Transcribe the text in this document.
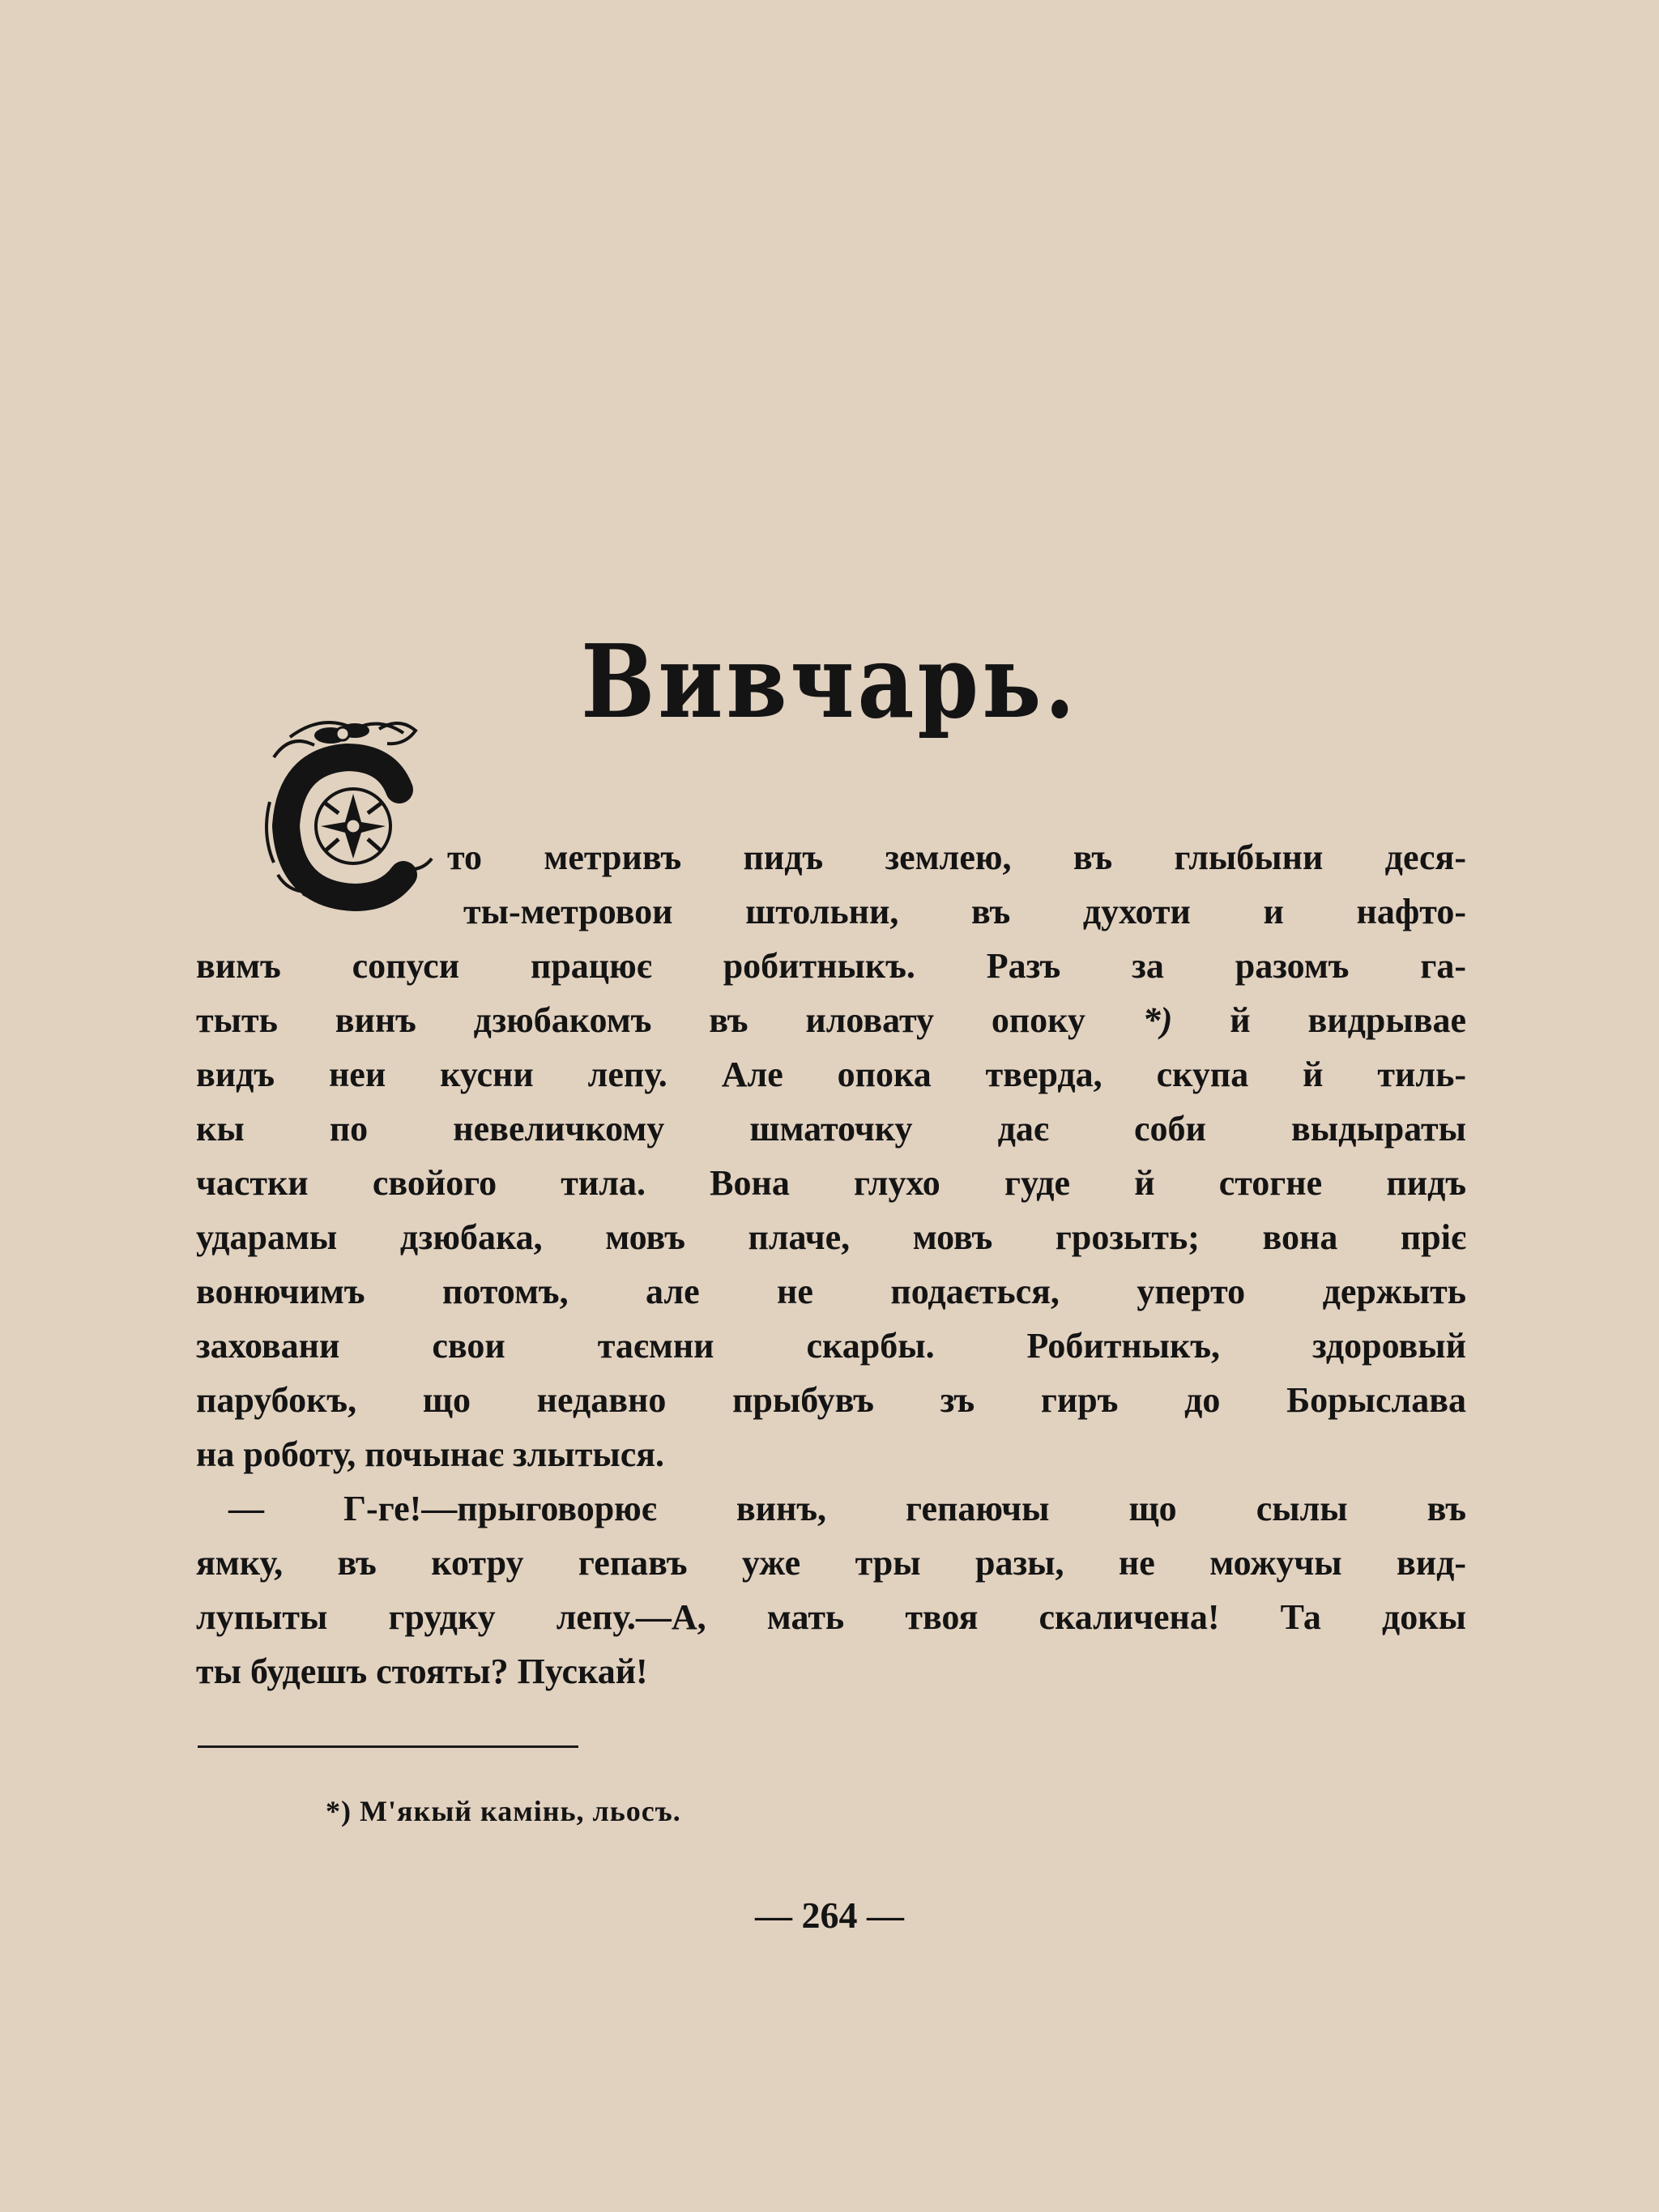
Вивчарь.
то метривъ пидъ землею, въ глыбыни деся-
ты-метровои штольни, въ духоти и нафто-
вимъ сопуси працює робитныкъ. Разъ за разомъ га-
тыть винъ дзюбакомъ въ иловату опоку *) й видрывае
видъ неи кусни лепу. Але опока тверда, скупа й тиль-
кы по невеличкому шматочку дає соби выдыраты
частки свойого тила. Вона глухо гуде й стогне пидъ
ударамы дзюбака, мовъ плаче, мовъ грозыть; вона пріє
вонючимъ потомъ, але не подається, уперто держыть
заховани свои таємни скарбы. Робитныкъ, здоровый
парубокъ, що недавно прыбувъ зъ гиръ до Борыслава
на роботу, почынає злытыся.
— Г-ге!—прыговорює винъ, гепаючы що сылы въ
ямку, въ котру гепавъ уже тры разы, не можучы вид-
лупыты грудку лепу.—А, мать твоя скаличена! Та докы
ты будешъ стояты? Пускай!
*) М'якый камінь, льосъ.
— 264 —
